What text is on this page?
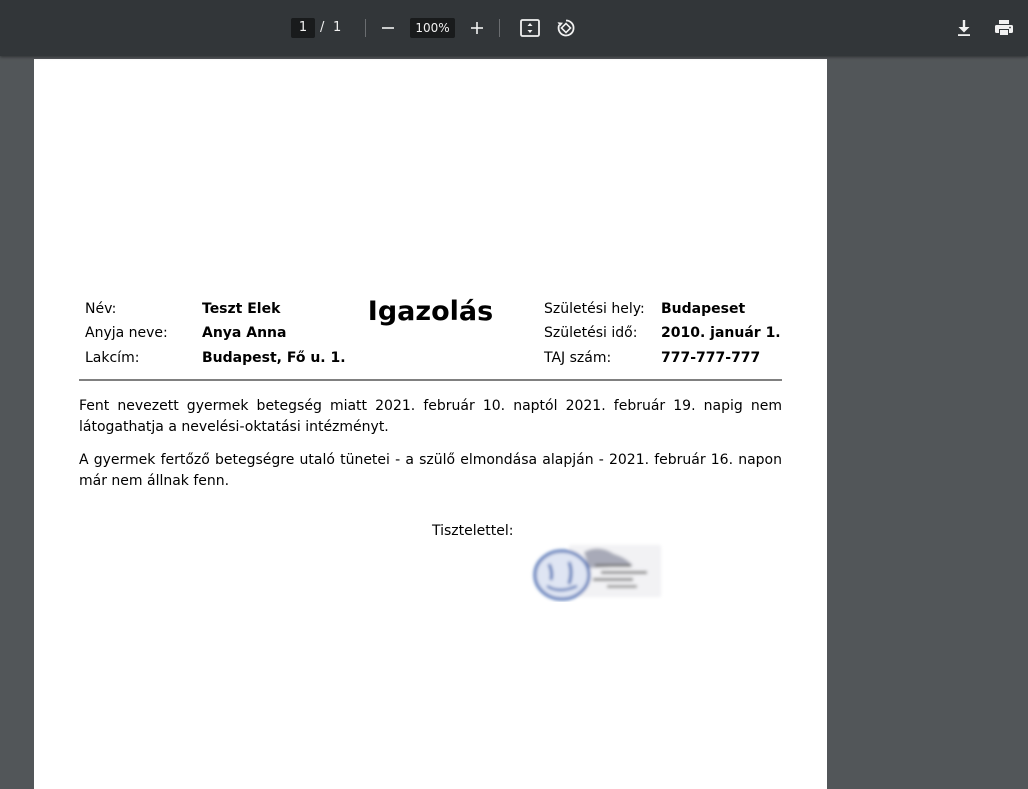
1 / 1	100%
Igazolás
Név:	Teszt Elek
Anyja neve: Anya Anna
Lakcím:	Budapest, Fő u. 1.
Születési hely: Budapeset
Születési idő: 2010. január 1.
TAJ szám:	777-777-777

Fent nevezett gyermek betegség miatt 2021. február 10. naptól 2021. február 19. napig nem látogathatja a nevelési-oktatási intézményt.

A gyermek fertőző betegségre utaló tünetei - a szülő elmondása alapján - 2021. február 16. napon már nem állnak fenn.

Tisztelettel:
